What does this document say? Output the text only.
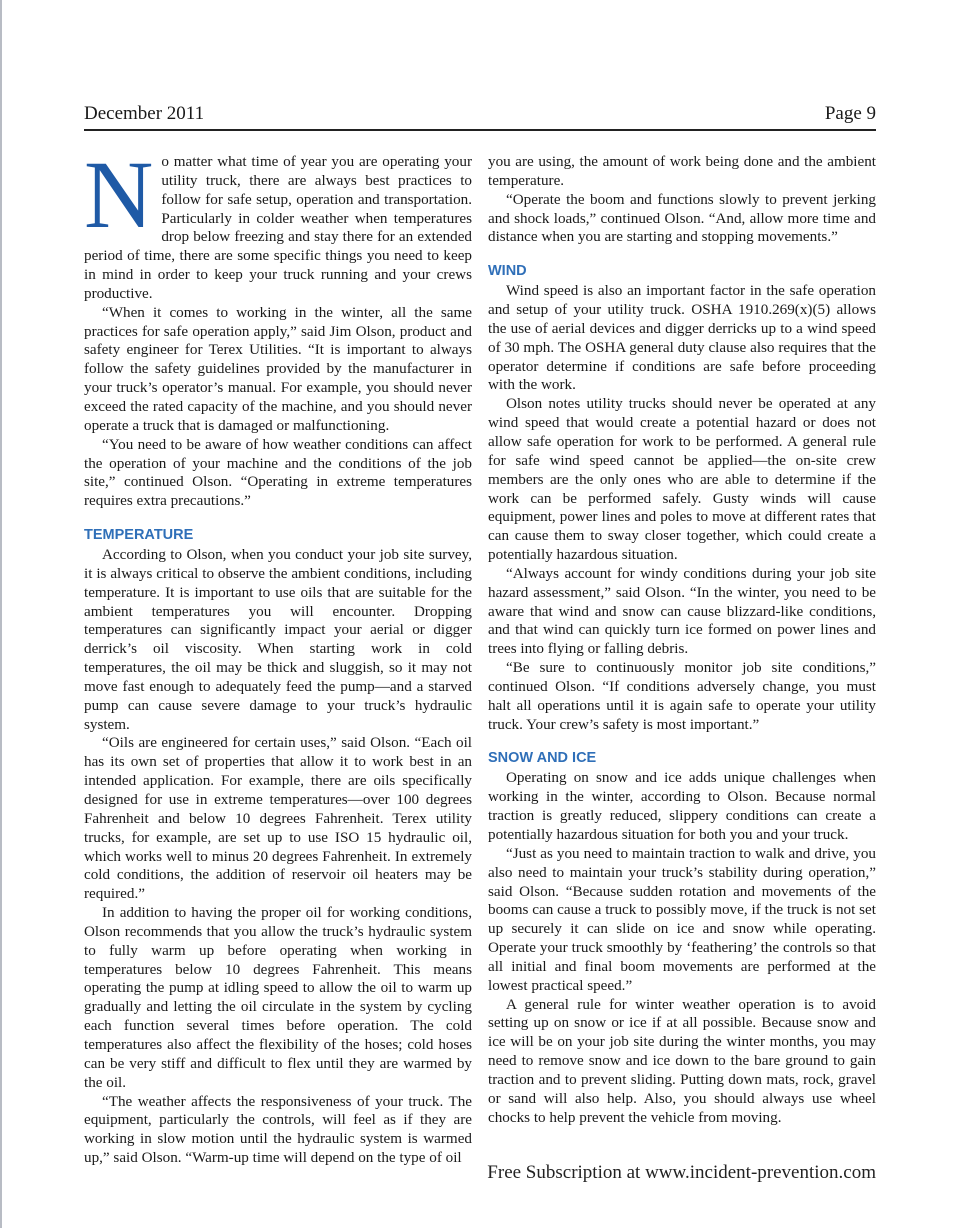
December 2011	Page 9

No matter what time of year you are operating your utility truck, there are always best practices to follow for safe setup, operation and transportation. Particularly in colder weather when temperatures drop below freezing and stay there for an extended period of time, there are some specific things you need to keep in mind in order to keep your truck running and your crews productive.

“When it comes to working in the winter, all the same practices for safe operation apply,” said Jim Olson, product and safety engineer for Terex Utilities. “It is important to always follow the safety guidelines provided by the manufacturer in your truck’s operator’s manual. For example, you should never exceed the rated capacity of the machine, and you should never operate a truck that is damaged or malfunctioning.

“You need to be aware of how weather conditions can affect the operation of your machine and the conditions of the job site,” continued Olson. “Operating in extreme temperatures requires extra precautions.”

TEMPERATURE

According to Olson, when you conduct your job site survey, it is always critical to observe the ambient conditions, including temperature. It is important to use oils that are suitable for the ambient temperatures you will encounter. Dropping temperatures can significantly impact your aerial or digger derrick’s oil viscosity. When starting work in cold temperatures, the oil may be thick and sluggish, so it may not move fast enough to adequately feed the pump—and a starved pump can cause severe damage to your truck’s hydraulic system.

“Oils are engineered for certain uses,” said Olson. “Each oil has its own set of properties that allow it to work best in an intended application. For example, there are oils specifically designed for use in extreme temperatures—over 100 degrees Fahrenheit and below 10 degrees Fahrenheit. Terex utility trucks, for example, are set up to use ISO 15 hydraulic oil, which works well to minus 20 degrees Fahrenheit. In extremely cold conditions, the addition of reservoir oil heaters may be required.”

In addition to having the proper oil for working conditions, Olson recommends that you allow the truck’s hydraulic system to fully warm up before operating when working in temperatures below 10 degrees Fahrenheit. This means operating the pump at idling speed to allow the oil to warm up gradually and letting the oil circulate in the system by cycling each function several times before operation. The cold temperatures also affect the flexibility of the hoses; cold hoses can be very stiff and difficult to flex until they are warmed by the oil.

“The weather affects the responsiveness of your truck. The equipment, particularly the controls, will feel as if they are working in slow motion until the hydraulic system is warmed up,” said Olson. “Warm-up time will depend on the type of oil

you are using, the amount of work being done and the ambient temperature.

“Operate the boom and functions slowly to prevent jerking and shock loads,” continued Olson. “And, allow more time and distance when you are starting and stopping movements.”

WIND

Wind speed is also an important factor in the safe operation and setup of your utility truck. OSHA 1910.269(x)(5) allows the use of aerial devices and digger derricks up to a wind speed of 30 mph. The OSHA general duty clause also requires that the operator determine if conditions are safe before proceeding with the work.

Olson notes utility trucks should never be operated at any wind speed that would create a potential hazard or does not allow safe operation for work to be performed. A general rule for safe wind speed cannot be applied—the on-site crew members are the only ones who are able to determine if the work can be performed safely. Gusty winds will cause equipment, power lines and poles to move at different rates that can cause them to sway closer together, which could create a potentially hazardous situation.

“Always account for windy conditions during your job site hazard assessment,” said Olson. “In the winter, you need to be aware that wind and snow can cause blizzard-like conditions, and that wind can quickly turn ice formed on power lines and trees into flying or falling debris.

“Be sure to continuously monitor job site conditions,” continued Olson. “If conditions adversely change, you must halt all operations until it is again safe to operate your utility truck. Your crew’s safety is most important.”

SNOW AND ICE

Operating on snow and ice adds unique challenges when working in the winter, according to Olson. Because normal traction is greatly reduced, slippery conditions can create a potentially hazardous situation for both you and your truck.

“Just as you need to maintain traction to walk and drive, you also need to maintain your truck’s stability during operation,” said Olson. “Because sudden rotation and movements of the booms can cause a truck to possibly move, if the truck is not set up securely it can slide on ice and snow while operating. Operate your truck smoothly by ‘feathering’ the controls so that all initial and final boom movements are performed at the lowest practical speed.”

A general rule for winter weather operation is to avoid setting up on snow or ice if at all possible. Because snow and ice will be on your job site during the winter months, you may need to remove snow and ice down to the bare ground to gain traction and to prevent sliding. Putting down mats, rock, gravel or sand will also help. Also, you should always use wheel chocks to help prevent the vehicle from moving.

Free Subscription at www.incident-prevention.com
